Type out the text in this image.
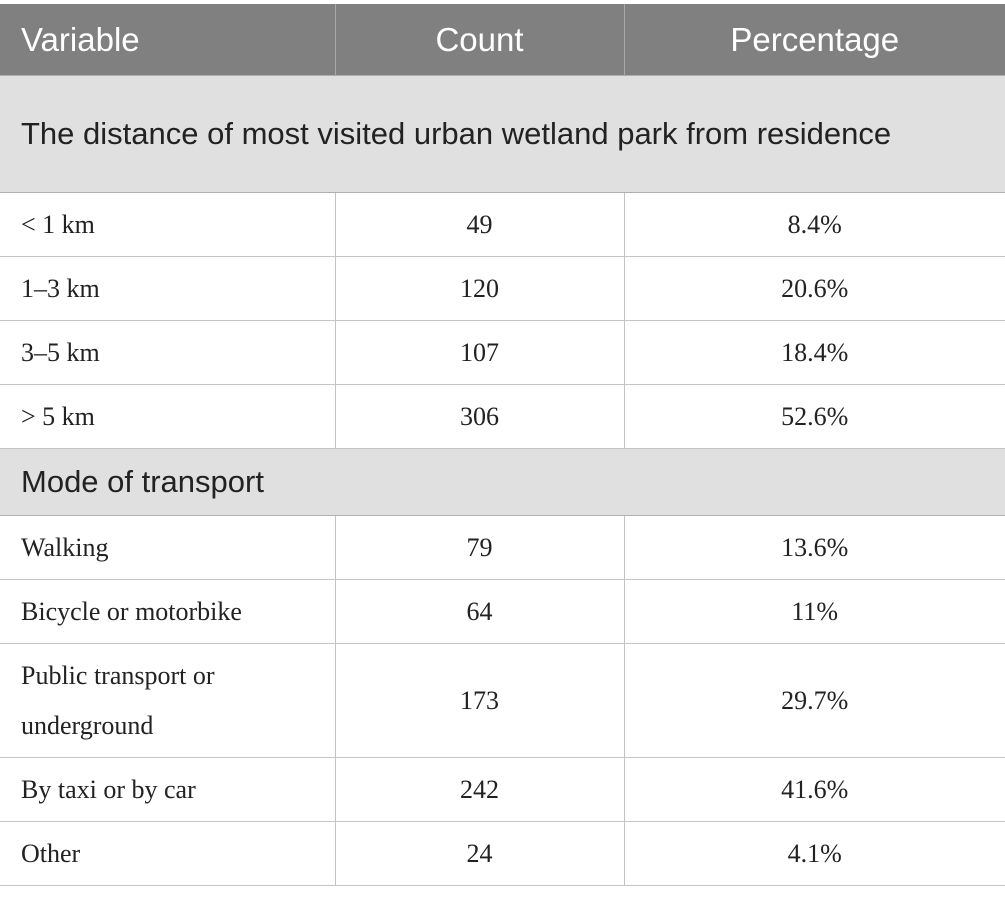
Variable	Count	Percentage
The distance of most visited urban wetland park from residence		
< 1 km	49	8.4%
1–3 km	120	20.6%
3–5 km	107	18.4%
> 5 km	306	52.6%
Mode of transport		
Walking	79	13.6%
Bicycle or motorbike	64	11%
Public transport or underground	173	29.7%
By taxi or by car	242	41.6%
Other	24	4.1%
